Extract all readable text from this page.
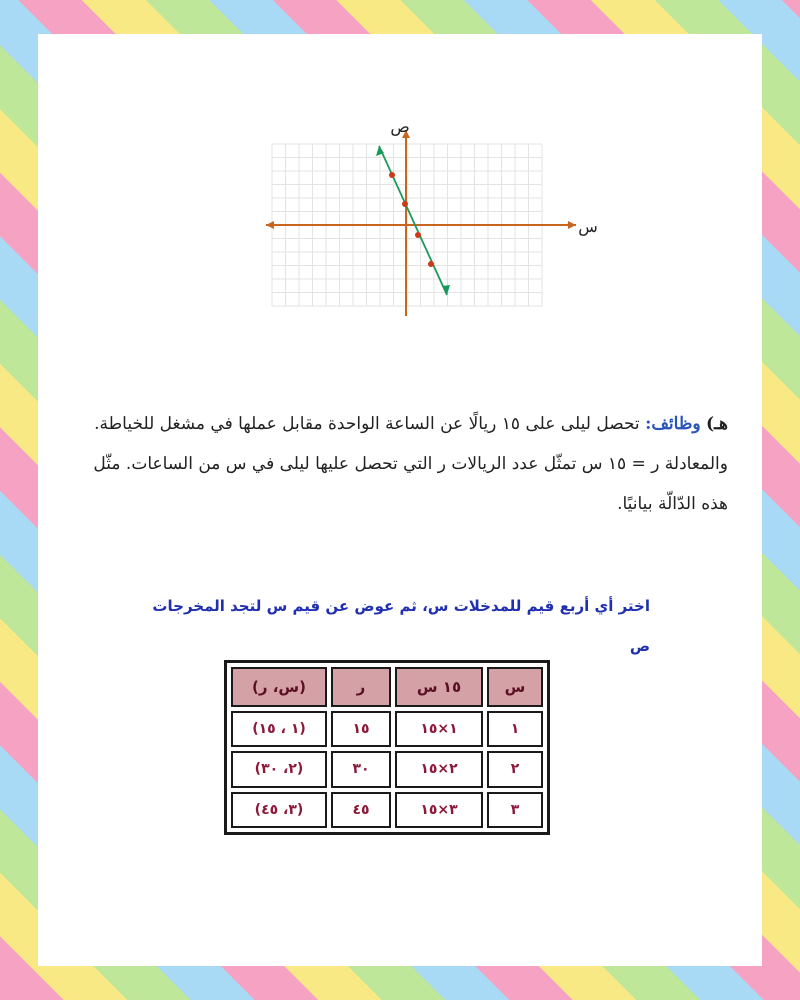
س
ص
هـ) وظائف: تحصل ليلى على ١٥ ريالًا عن الساعة الواحدة مقابل عملها في مشغل للخياطة. والمعادلة ر = ١٥ س تمثّل عدد الريالات ر التي تحصل عليها ليلى في س من الساعات. مثّل هذه الدّالّة بيانيًا.
اختر أي أربع قيم للمدخلات س، ثم عوض عن قيم س لتجد المخرجات
ص
س	١٥ س	ر	(س، ر)
١	١×١٥	١٥	(١ ، ١٥)
٢	٢×١٥	٣٠	(٢، ٣٠)
٣	٣×١٥	٤٥	(٣، ٤٥)
